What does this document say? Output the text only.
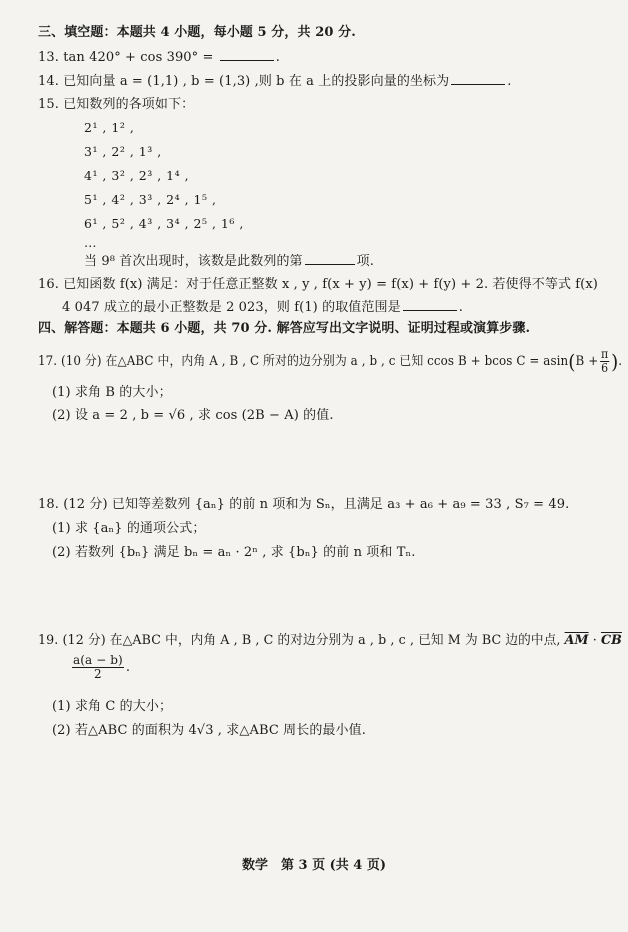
三、填空题：本题共 4 小题，每小题 5 分，共 20 分.
13. tan 420° + cos 390° =	.
14. 已知向量 a = (1,1) , b = (1,3) ,则 b 在 a 上的投影向量的坐标为	.
15. 已知数列的各项如下：
2¹ , 1² ,
3¹ , 2² , 1³ ,
4¹ , 3² , 2³ , 1⁴ ,
5¹ , 4² , 3³ , 2⁴ , 1⁵ ,
6¹ , 5² , 4³ , 3⁴ , 2⁵ , 1⁶ ,
…
当 9⁸ 首次出现时，该数是此数列的第	项.
16. 已知函数 f(x) 满足：对于任意正整数 x , y , f(x + y) = f(x) + f(y) + 2. 若使得不等式 f(x)
4 047 成立的最小正整数是 2 023，则 f(1) 的取值范围是	.
四、解答题：本题共 6 小题，共 70 分. 解答应写出文字说明、证明过程或演算步骤.
17. (10 分) 在△ABC 中，内角 A , B , C 所对的边分别为 a , b , c 已知 ccos B + bcos $C = asin(B + \frac{\pi}{6}$ ).
(1) 求角 B 的大小；
(2) 设 a = 2 , b = √6 , 求 cos (2B − A) 的值.
18. (12 分) 已知等差数列 {aₙ} 的前 n 项和为 Sₙ，且满足 a₃ + a₆ + a₉ = 33 , S₇ = 49.
(1) 求 {aₙ} 的通项公式；
(2) 若数列 {bₙ} 满足 bₙ = aₙ · 2ⁿ , 求 {bₙ} 的前 n 项和 Tₙ.
19. (12 分) 在△ABC 中，内角 A , B , C 的对边分别为 a , b , c , 已知 M 为 BC 边的中点, $\overline{AM} \cdot \overline{CB}$
$\frac{a(a - b)}{2}$ .
(1) 求角 C 的大小；
(2) 若△ABC 的面积为 4√3 , 求△ABC 周长的最小值.
数学　第 3 页 (共 4 页)
